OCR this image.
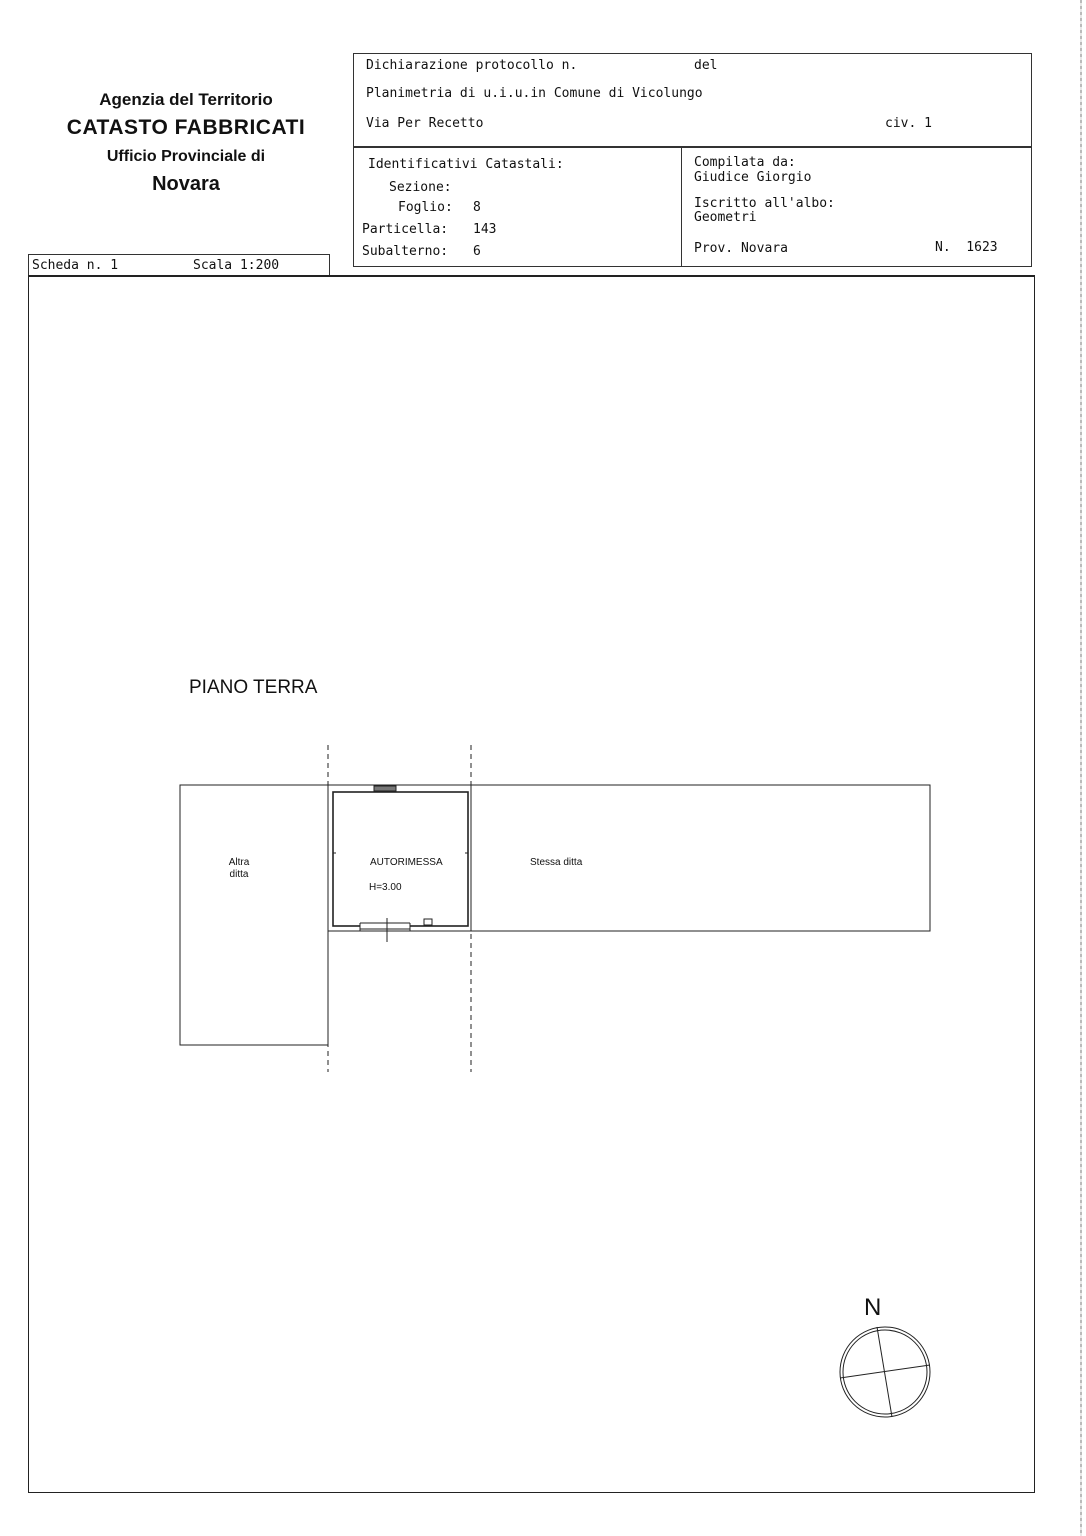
Agenzia del Territorio
CATASTO FABBRICATI
Ufficio Provinciale di
Novara
Dichiarazione protocollo n.	del
Planimetria di u.i.u.in Comune di Vicolungo
Via Per Recetto	civ. 1
Identificativi Catastali:
Sezione:
Foglio: 8
Particella: 143
Subalterno: 6
Compilata da:
Giudice Giorgio
Iscritto all'albo:
Geometri
Prov. Novara	N.  1623
Scheda n. 1	Scala 1:200
PIANO TERRA
Altra
ditta
AUTORIMESSA
H=3.00
Stessa ditta
N
